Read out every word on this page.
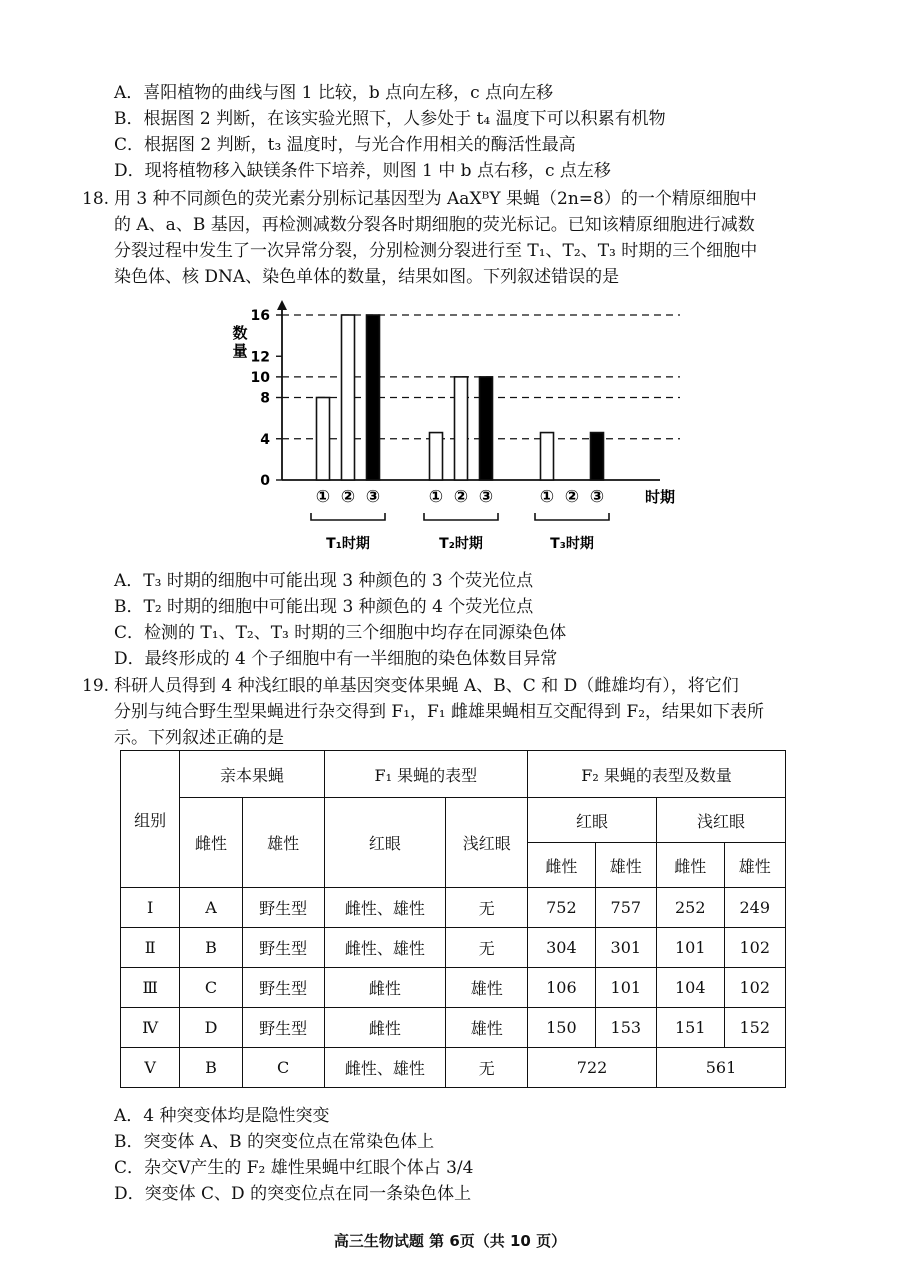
A．喜阳植物的曲线与图 1 比较，b 点向左移，c 点向左移
B．根据图 2 判断，在该实验光照下，人参处于 t₄ 温度下可以积累有机物
C．根据图 2 判断，t₃ 温度时，与光合作用相关的酶活性最高
D．现将植物移入缺镁条件下培养，则图 1 中 b 点右移，c 点左移
18. 用 3 种不同颜色的荧光素分别标记基因型为 AaXᴮY 果蝇（2n=8）的一个精原细胞中
的 A、a、B 基因，再检测减数分裂各时期细胞的荧光标记。已知该精原细胞进行减数
分裂过程中发生了一次异常分裂，分别检测分裂进行至 T₁、T₂、T₃ 时期的三个细胞中
染色体、核 DNA、染色单体的数量，结果如图。下列叙述错误的是
0
4
8
10
12
16
数
量
① ② ③
T₁时期
① ② ③
T₂时期
① ② ③
T₃时期
时期
A．T₃ 时期的细胞中可能出现 3 种颜色的 3 个荧光位点
B．T₂ 时期的细胞中可能出现 3 种颜色的 4 个荧光位点
C．检测的 T₁、T₂、T₃ 时期的三个细胞中均存在同源染色体
D．最终形成的 4 个子细胞中有一半细胞的染色体数目异常
19. 科研人员得到 4 种浅红眼的单基因突变体果蝇 A、B、C 和 D（雌雄均有），将它们
分别与纯合野生型果蝇进行杂交得到 F₁，F₁ 雌雄果蝇相互交配得到 F₂，结果如下表所
示。下列叙述正确的是
组别	亲本果蝇		F₁ 果蝇的表型		F₂ 果蝇的表型及数量			
	雌性	雄性	红眼	浅红眼	红眼		浅红眼	
					雌性	雄性	雌性	雄性
Ⅰ	A	野生型	雌性、雄性	无	752	757	252	249
Ⅱ	B	野生型	雌性、雄性	无	304	301	101	102
Ⅲ	C	野生型	雌性	雄性	106	101	104	102
Ⅳ	D	野生型	雌性	雄性	150	153	151	152
Ⅴ	B	C	雌性、雄性	无	722		561	
A．4 种突变体均是隐性突变
B．突变体 A、B 的突变位点在常染色体上
C．杂交Ⅴ产生的 F₂ 雄性果蝇中红眼个体占 3/4
D．突变体 C、D 的突变位点在同一条染色体上
高三生物试题 第 6页（共 10 页）
